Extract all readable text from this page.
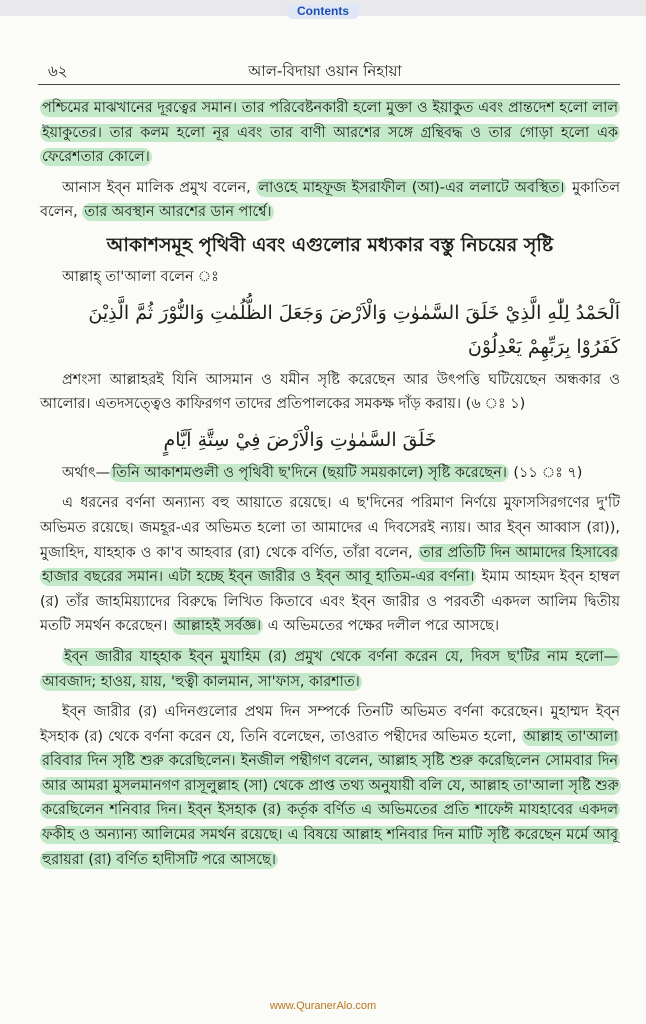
Contents
৬২	আল-বিদায়া ওয়ান নিহায়া

পশ্চিমের মাঝখানের দূরত্বের সমান। তার পরিবেষ্টনকারী হলো মুক্তা ও ইয়াকুত এবং প্রান্তদেশ হলো লাল ইয়াকুতের। তার কলম হলো নূর এবং তার বাণী আরশের সঙ্গে গ্রন্থিবদ্ধ ও তার গোড়া হলো এক ফেরেশতার কোলে।

আনাস ইব্‌ন মালিক প্রমুখ বলেন, লাওহে মাহফূজ ইসরাফীল (আ)-এর ললাটে অবস্থিত। মুকাতিল বলেন, তার অবস্থান আরশের ডান পার্শ্বে।

আকাশসমূহ পৃথিবী এবং এগুলোর মধ্যকার বস্তু নিচয়ের সৃষ্টি

আল্লাহ্ তা'আলা বলেন ঃ

اَلْحَمْدُ لِلّٰهِ الَّذِيْ خَلَقَ السَّمٰوٰتِ وَالْاَرْضَ وَجَعَلَ الظُّلُمٰتِ وَالنُّوْرَ ثُمَّ الَّذِيْنَ كَفَرُوْا بِرَبِّهِمْ يَعْدِلُوْنَ

প্রশংসা আল্লাহরই যিনি আসমান ও যমীন সৃষ্টি করেছেন আর উৎপত্তি ঘটিয়েছেন অন্ধকার ও আলোর। এতদসত্ত্বেও কাফিরগণ তাদের প্রতিপালকের সমকক্ষ দাঁড় করায়। (৬ ঃ ১)

خَلَقَ السَّمٰوٰتِ وَالْاَرْضَ فِيْ سِتَّةِ اَيَّامٍ

অর্থাৎ— তিনি আকাশমণ্ডলী ও পৃথিবী ছ'দিনে (ছয়টি সময়কালে) সৃষ্টি করেছেন। (১১ ঃ ৭)

এ ধরনের বর্ণনা অন্যান্য বহু আয়াতে রয়েছে। এ ছ'দিনের পরিমাণ নির্ণয়ে মুফাসসিরগণের দু'টি অভিমত রয়েছে। জমহূর-এর অভিমত হলো তা আমাদের এ দিবসেরই ন্যায়। আর ইব্‌ন আব্বাস (রা)), মুজাহিদ, যাহহাক ও কা'ব আহবার (রা) থেকে বর্ণিত, তাঁরা বলেন, তার প্রতিটি দিন আমাদের হিসাবের হাজার বছরের সমান। এটা হচ্ছে ইব্‌ন জারীর ও ইব্‌ন আবূ হাতিম-এর বর্ণনা। ইমাম আহমদ ইব্‌ন হাম্বল (র) তাঁর জাহমিয়্যাদের বিরুদ্ধে লিখিত কিতাবে এবং ইব্‌ন জারীর ও পরবর্তী একদল আলিম দ্বিতীয় মতটি সমর্থন করেছেন। আল্লাহই সর্বজ্ঞ। এ অভিমতের পক্ষের দলীল পরে আসছে।

ইব্‌ন জারীর যাহ্হাক ইব্‌ন মুযাহিম (র) প্রমুখ থেকে বর্ণনা করেন যে, দিবস ছ'টির নাম হলো—আবজাদ; হাওয়, য়ায়, 'হুত্বী কালমান, সা'ফাস, কারশাত।

ইব্‌ন জারীর (র) এদিনগুলোর প্রথম দিন সম্পর্কে তিনটি অভিমত বর্ণনা করেছেন। মুহাম্মদ ইব্‌ন ইসহাক (র) থেকে বর্ণনা করেন যে, তিনি বলেছেন, তাওরাত পন্থীদের অভিমত হলো, আল্লাহ তা'আলা রবিবার দিন সৃষ্টি শুরু করেছিলেন। ইনজীল পন্থীগণ বলেন, আল্লাহ সৃষ্টি শুরু করেছিলেন সোমবার দিন আর আমরা মুসলমানগণ রাসূলুল্লাহ (সা) থেকে প্রাপ্ত তথ্য অনুযায়ী বলি যে, আল্লাহ তা'আলা সৃষ্টি শুরু করেছিলেন শনিবার দিন। ইব্‌ন ইসহাক (র) কর্তৃক বর্ণিত এ অভিমতের প্রতি শাফেঈ মাযহাবের একদল ফকীহ ও অন্যান্য আলিমের সমর্থন রয়েছে। এ বিষয়ে আল্লাহ শনিবার দিন মাটি সৃষ্টি করেছেন মর্মে আবূ হুরায়রা (রা) বর্ণিত হাদীসটি পরে আসছে।

www.QuranerAlo.com
